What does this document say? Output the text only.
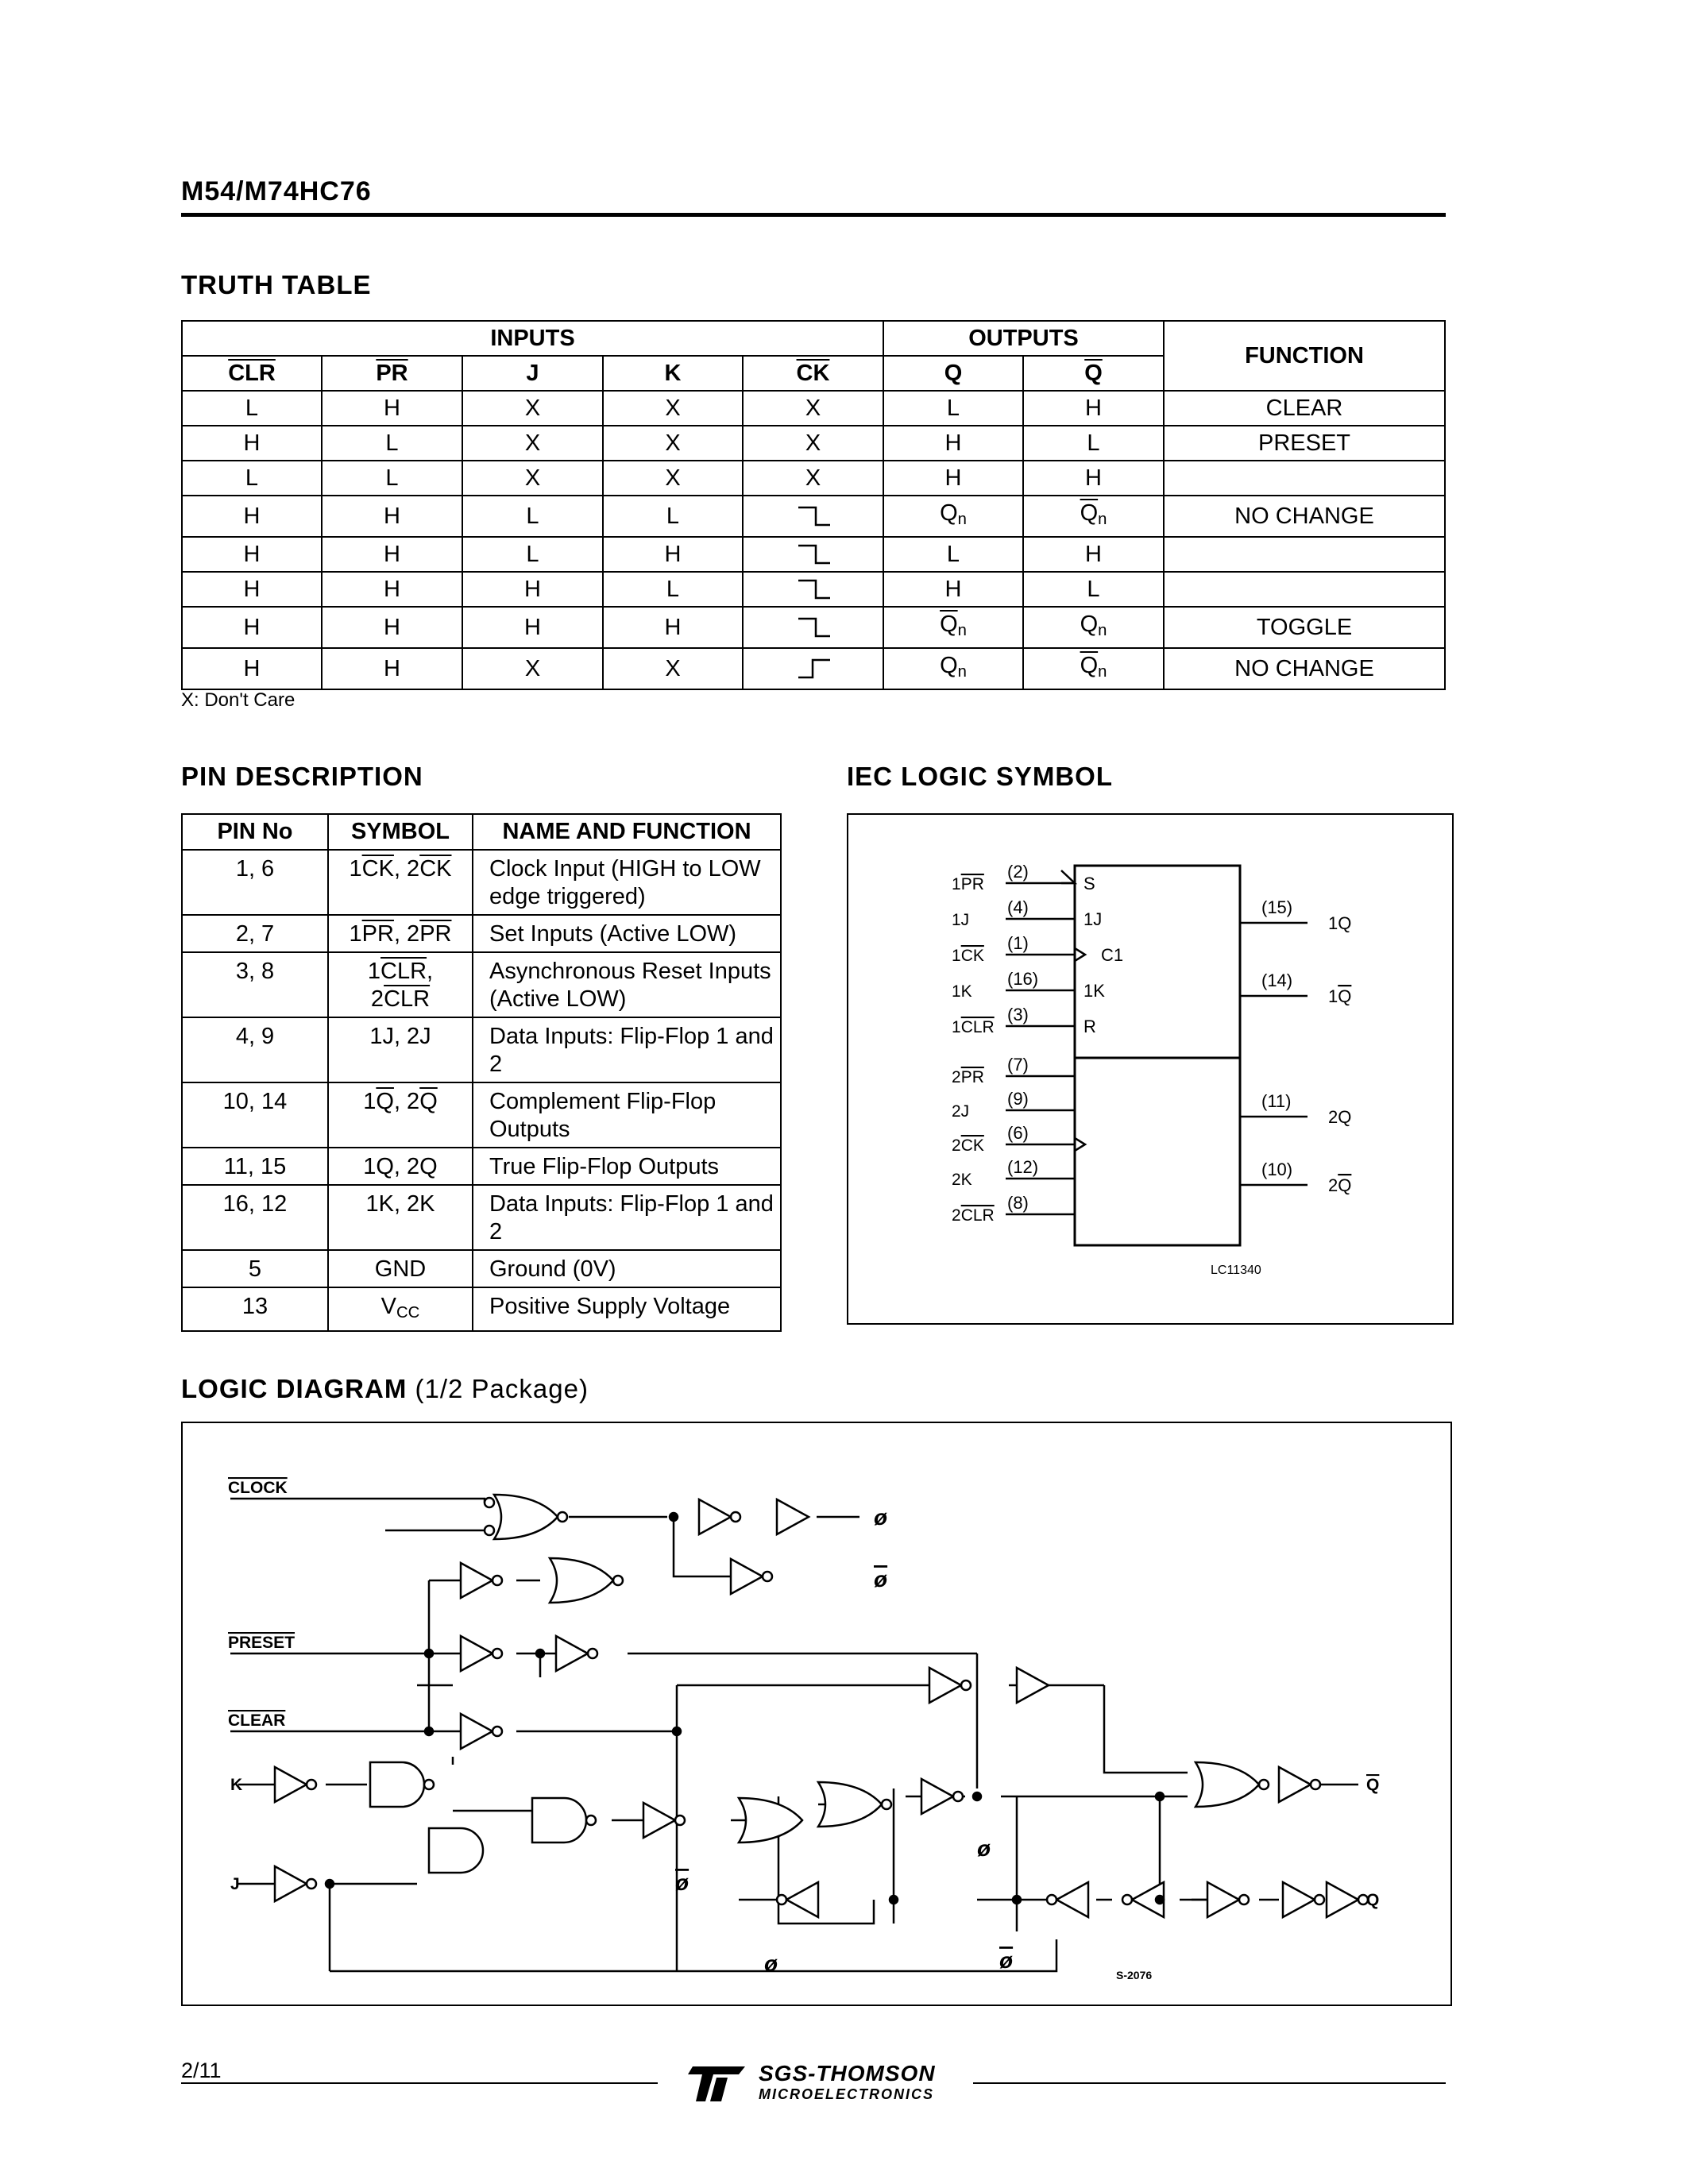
M54/M74HC76
TRUTH TABLE
INPUTS					OUTPUTS		FUNCTION
$\overline{CLR}$	$\overline{PR}$	J	K	$\overline{CK}$	Q	$\overline{Q}$
L	H	X	X	X	L	H	CLEAR
H	L	X	X	X	H	L	PRESET
L	L	X	X	X	H	H	
H	H	L	L		$Q_n$	$\overline{Q}_n$	NO CHANGE
H	H	L	H		L	H	
H	H	H	L		H	L	
H	H	H	H		$\overline{Q}_n$	$Q_n$	TOGGLE
H	H	X	X		$Q_n$	$\overline{Q}_n$	NO CHANGE
X: Don't Care
PIN DESCRIPTION
PIN No	SYMBOL	NAME AND FUNCTION
1, 6	$1\overline{CK}$, $2\overline{CK}$	Clock Input (HIGH to LOW edge triggered)
2, 7	$1\overline{PR}$, $2\overline{PR}$	Set Inputs (Active LOW)
3, 8	$1\overline{CLR}$,
$2\overline{CLR}$	Asynchronous Reset Inputs (Active LOW)
4, 9	1J, 2J	Data Inputs: Flip-Flop 1 and 2
10, 14	$1\overline{Q}$, $2\overline{Q}$	Complement Flip-Flop Outputs
11, 15	1Q, 2Q	True Flip-Flop Outputs
16, 12	1K, 2K	Data Inputs: Flip-Flop 1 and 2
5	GND	Ground (0V)
13	$V_{CC}$	Positive Supply Voltage
IEC LOGIC SYMBOL
1PR
1J
1CK
1K
1CLR
2PR
2J
2CK
2K
2CLR
(2)
(4)
(1)
(16)
(3)
(7)
(9)
(6)
(12)
(8)
S
1J
C1
1K
R
(15)
(14)
(11)
(10)
1Q
1Q
2Q
2Q
LC11340
LOGIC DIAGRAM (1/2 Package)
CLOCK
PRESET
CLEAR
K
J
Q
Q
ø
ø
ø
ø
ø
ø
S-2076
2/11	SGS-THOMSON
MICROELECTRONICS
